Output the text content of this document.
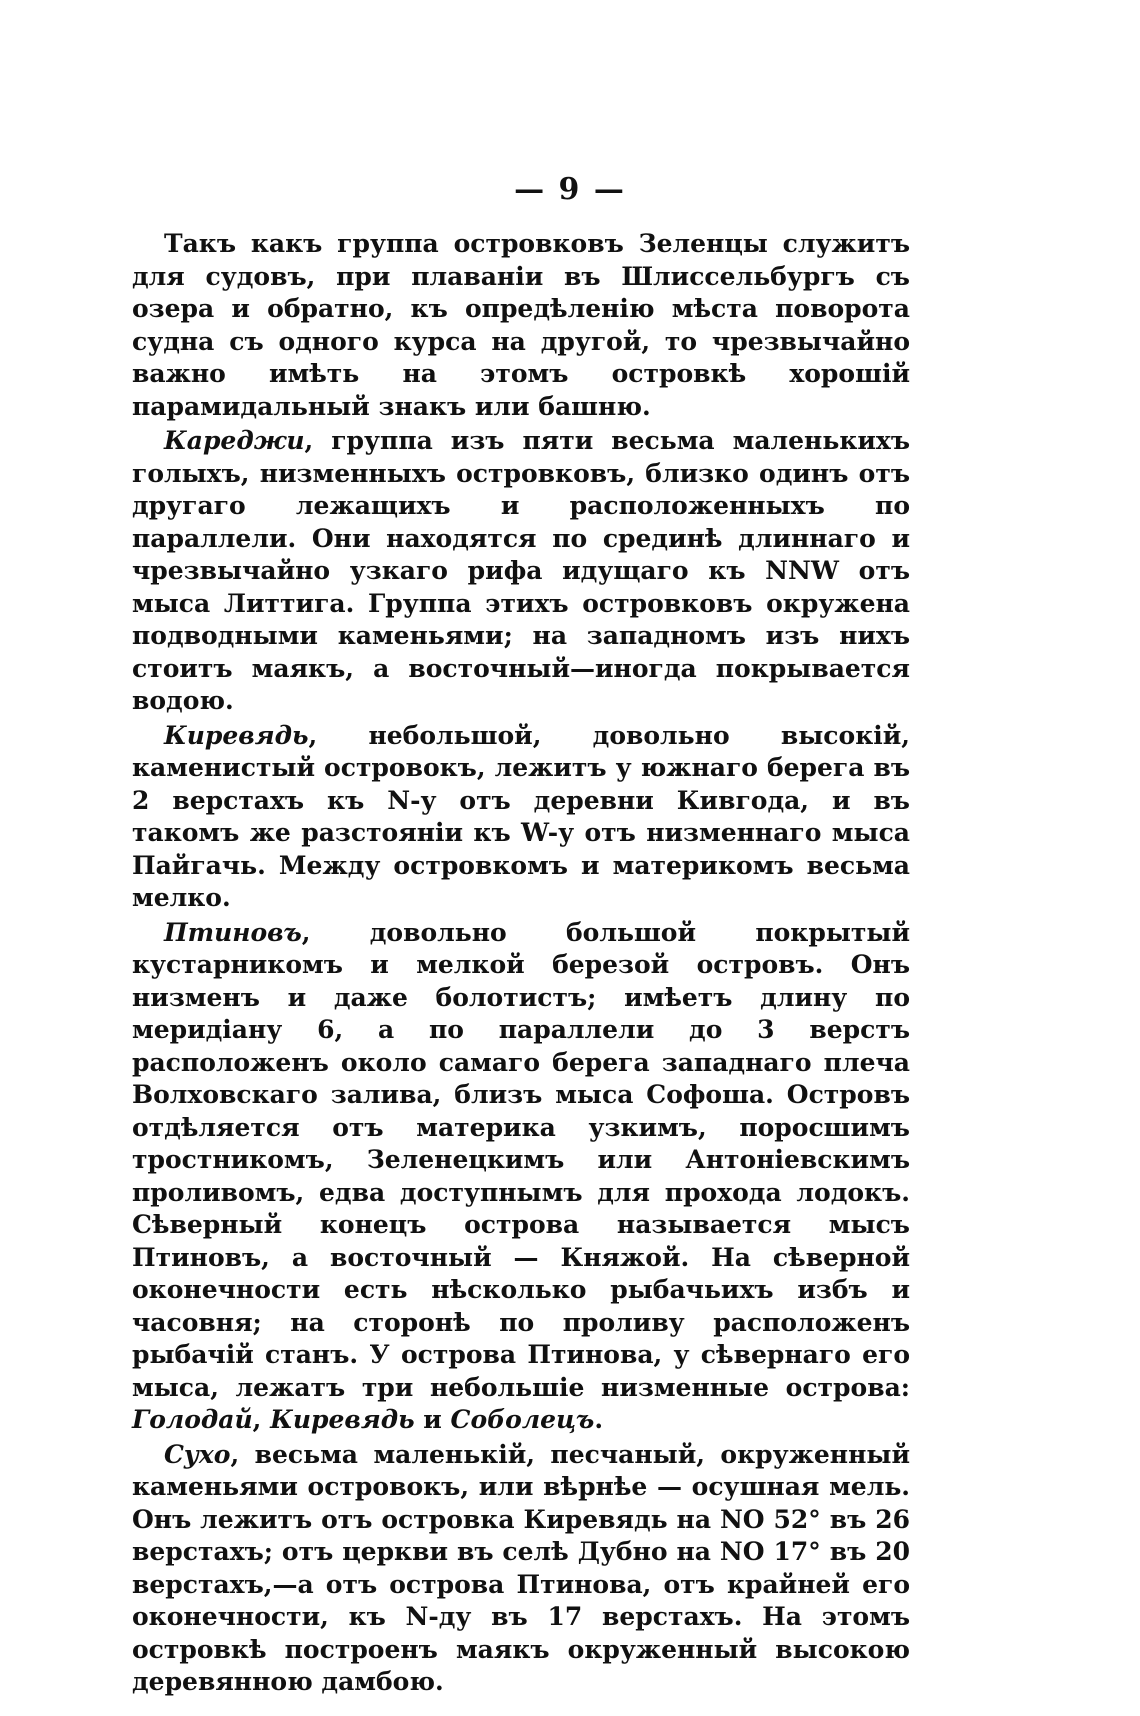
— 9 —

Такъ какъ группа островковъ Зеленцы служитъ для судовъ, при плаваніи въ Шлиссельбургъ съ озера и обратно, къ опредѣленію мѣста поворота судна съ одного курса на другой, то чрезвычайно важно имѣть на этомъ островкѣ хорошій парамидальный знакъ или башню.

Кареджи, группа изъ пяти весьма маленькихъ голыхъ, низменныхъ островковъ, близко одинъ отъ другаго лежащихъ и расположенныхъ по параллели. Они находятся по срединѣ длиннаго и чрезвычайно узкаго рифа идущаго къ NNW отъ мыса Литтига. Группа этихъ островковъ окружена подводными каменьями; на западномъ изъ нихъ стоитъ маякъ, а восточный—иногда покрывается водою.

Киревядь, небольшой, довольно высокій, каменистый островокъ, лежитъ у южнаго берега въ 2 верстахъ къ N-у отъ деревни Кивгода, и въ такомъ же разстояніи къ W-у отъ низменнаго мыса Пайгачь. Между островкомъ и материкомъ весьма мелко.

Птиновъ, довольно большой покрытый кустарникомъ и мелкой березой островъ. Онъ низменъ и даже болотистъ; имѣетъ длину по меридіану 6, а по параллели до 3 верстъ расположенъ около самаго берега западнаго плеча Волховскаго залива, близъ мыса Софоша. Островъ отдѣляется отъ материка узкимъ, поросшимъ тростникомъ, Зеленецкимъ или Антоніевскимъ проливомъ, едва доступнымъ для прохода лодокъ. Сѣверный конецъ острова называется мысъ Птиновъ, а восточный — Княжой. На сѣверной оконечности есть нѣсколько рыбачьихъ избъ и часовня; на сторонѣ по проливу расположенъ рыбачій станъ. У острова Птинова, у сѣвернаго его мыса, лежатъ три небольшіе низменные острова: Голодай, Киревядь и Соболецъ.

Сухо, весьма маленькій, песчаный, окруженный каменьями островокъ, или вѣрнѣе — осушная мель. Онъ лежитъ отъ островка Киревядь на NO 52° въ 26 верстахъ; отъ церкви въ селѣ Дубно на NO 17° въ 20 верстахъ,—а отъ острова Птинова, отъ крайней его оконечности, къ N-ду въ 17 верстахъ. На этомъ островкѣ построенъ маякъ окруженный высокою деревянною дамбою.
